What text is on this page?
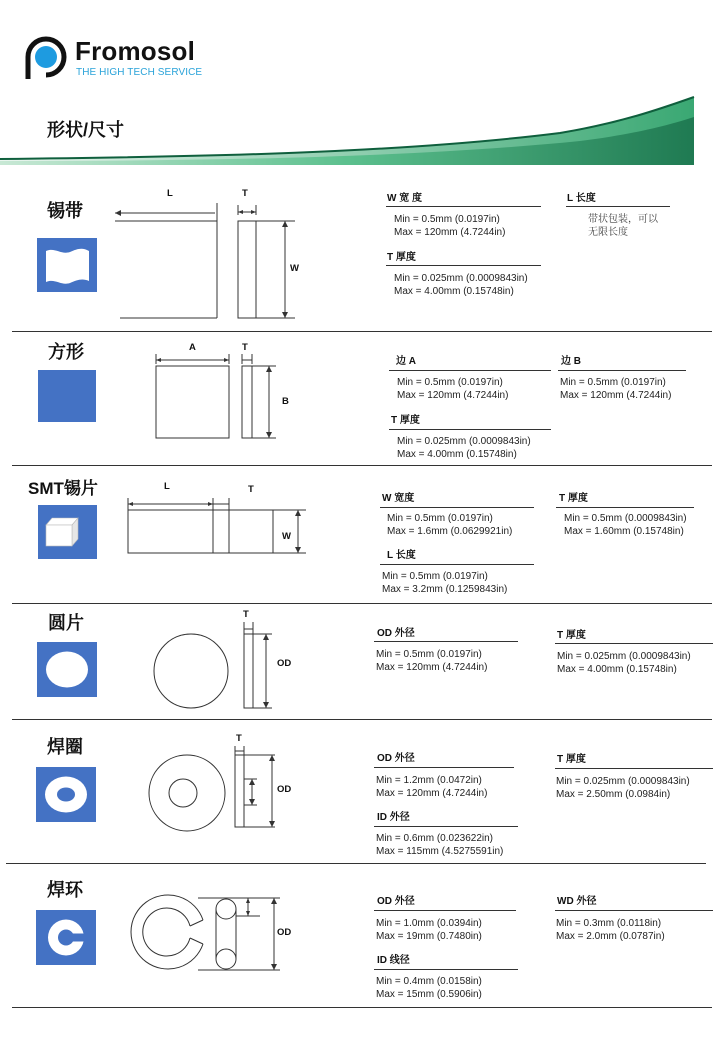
Fromosol
THE HIGH TECH SERVICE
形状/尺寸
锡带
L	T
W
W 宽 度
Min = 0.5mm (0.0197in)
Max = 120mm (4.7244in)
T 厚度
Min = 0.025mm (0.0009843in)
Max = 4.00mm (0.15748in)
L 长度
带状包装，可以
无限长度
方形	A	T
B
边 A
Min = 0.5mm (0.0197in)
Max = 120mm (4.7244in)
T 厚度
Min = 0.025mm (0.0009843in)
Max = 4.00mm (0.15748in)
边 B
Min = 0.5mm (0.0197in)
Max = 120mm (4.7244in)
SMT锡片	L	T
W
W 宽度
Min = 0.5mm (0.0197in)
Max = 1.6mm (0.0629921in)
L 长度
Min = 0.5mm (0.0197in)
Max = 3.2mm (0.1259843in)
T 厚度
Min = 0.5mm (0.0009843in)
Max = 1.60mm (0.15748in)
圆片	T
OD
OD 外径
Min = 0.5mm (0.0197in)
Max = 120mm (4.7244in)
T 厚度
Min = 0.025mm (0.0009843in)
Max = 4.00mm (0.15748in)
焊圈	T
OD
OD 外径
Min = 1.2mm (0.0472in)
Max = 120mm (4.7244in)
ID 外径
Min = 0.6mm (0.023622in)
Max = 115mm (4.5275591in)
T 厚度
Min = 0.025mm (0.0009843in)
Max = 2.50mm (0.0984in)
焊环
OD
OD 外径
Min = 1.0mm (0.0394in)
Max = 19mm (0.7480in)
ID 线径
Min = 0.4mm (0.0158in)
Max = 15mm (0.5906in)
WD 外径
Min = 0.3mm (0.0118in)
Max = 2.0mm (0.0787in)
